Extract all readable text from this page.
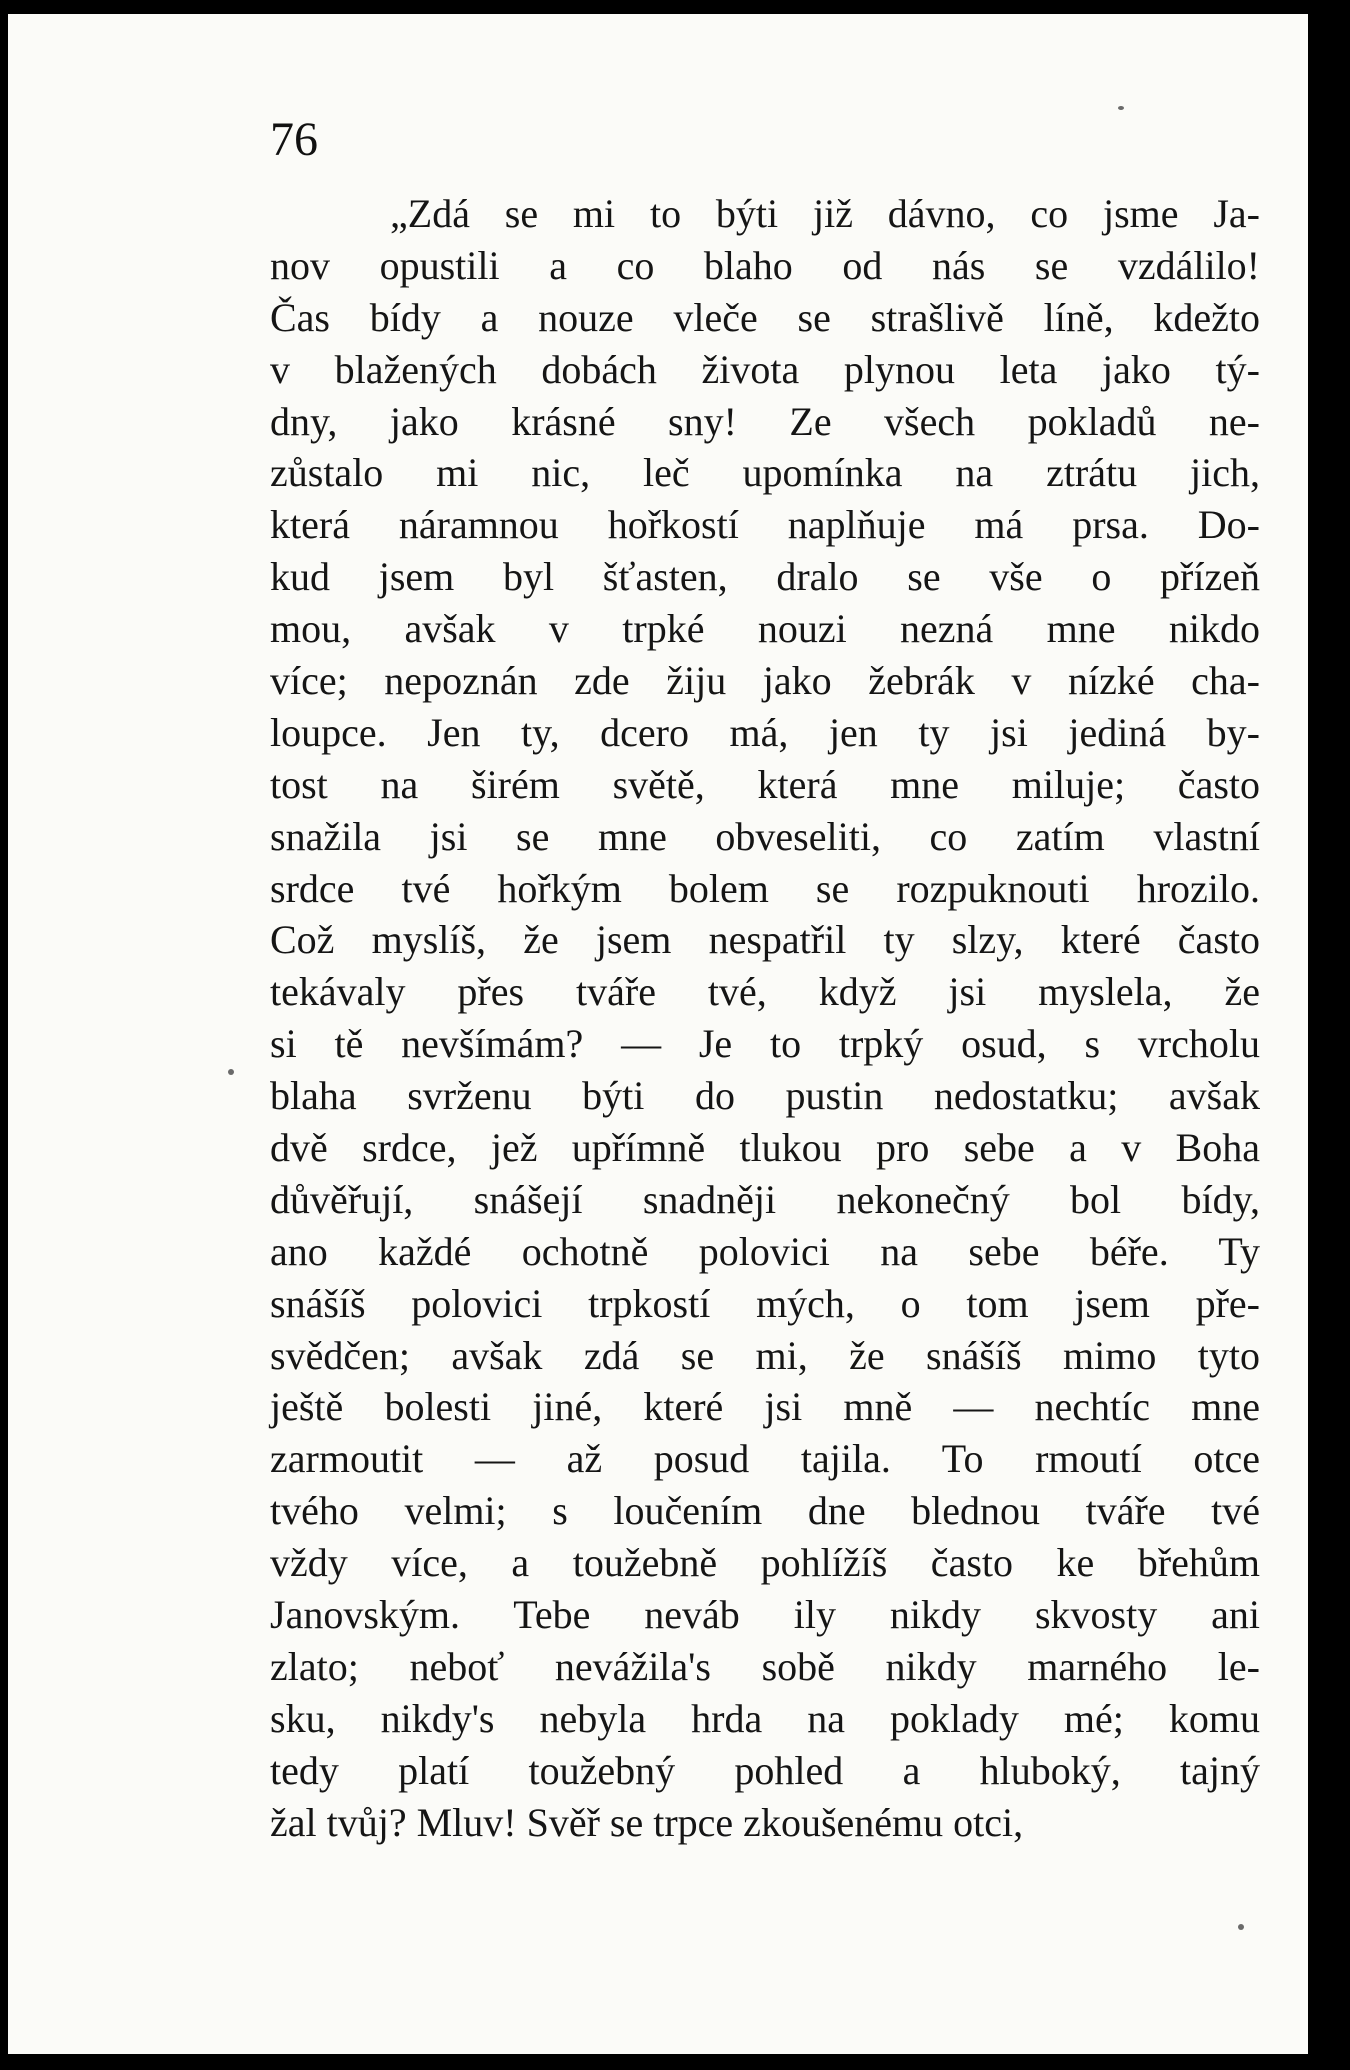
76

„Zdá se mi to býti již dávno, co jsme Ja-
nov opustili a co blaho od nás se vzdálilo!
Čas bídy a nouze vleče se strašlivě líně, kdežto
v blažených dobách života plynou leta jako tý-
dny, jako krásné sny! Ze všech pokladů ne-
zůstalo mi nic, leč upomínka na ztrátu jich,
která náramnou hořkostí naplňuje má prsa. Do-
kud jsem byl šťasten, dralo se vše o přízeň
mou, avšak v trpké nouzi nezná mne nikdo
více; nepoznán zde žiju jako žebrák v nízké cha-
loupce. Jen ty, dcero má, jen ty jsi jediná by-
tost na širém světě, která mne miluje; často
snažila jsi se mne obveseliti, co zatím vlastní
srdce tvé hořkým bolem se rozpuknouti hrozilo.
Což myslíš, že jsem nespatřil ty slzy, které často
tekávaly přes tváře tvé, když jsi myslela, že
si tě nevšímám? — Je to trpký osud, s vrcholu
blaha svrženu býti do pustin nedostatku; avšak
dvě srdce, jež upřímně tlukou pro sebe a v Boha
důvěřují, snášejí snadněji nekonečný bol bídy,
ano každé ochotně polovici na sebe béře. Ty
snášíš polovici trpkostí mých, o tom jsem pře-
svědčen; avšak zdá se mi, že snášíš mimo tyto
ještě bolesti jiné, které jsi mně — nechtíc mne
zarmoutit — až posud tajila. To rmoutí otce
tvého velmi; s loučením dne blednou tváře tvé
vždy více, a toužebně pohlížíš často ke břehům
Janovským. Tebe neváb ily nikdy skvosty ani
zlato; neboť nevážila's sobě nikdy marného le-
sku, nikdy's nebyla hrda na poklady mé; komu
tedy platí toužebný pohled a hluboký, tajný
žal tvůj? Mluv! Svěř se trpce zkoušenému otci,
